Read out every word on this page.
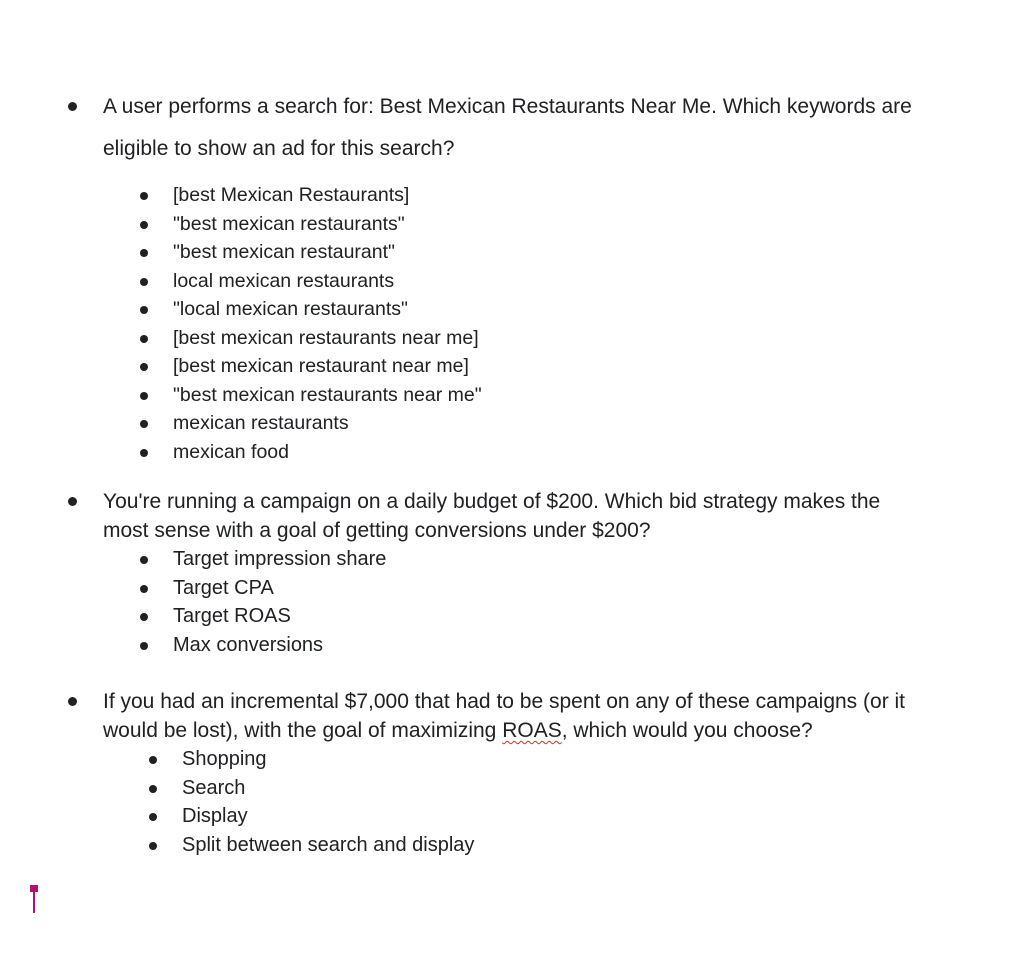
A user performs a search for: Best Mexican Restaurants Near Me. Which keywords are eligible to show an ad for this search?
[best Mexican Restaurants]
"best mexican restaurants"
"best mexican restaurant"
local mexican restaurants
"local mexican restaurants"
[best mexican restaurants near me]
[best mexican restaurant near me]
"best mexican restaurants near me"
mexican restaurants
mexican food
You're running a campaign on a daily budget of $200. Which bid strategy makes the most sense with a goal of getting conversions under $200?
Target impression share
Target CPA
Target ROAS
Max conversions
If you had an incremental $7,000 that had to be spent on any of these campaigns (or it would be lost), with the goal of maximizing ROAS, which would you choose?
Shopping
Search
Display
Split between search and display
